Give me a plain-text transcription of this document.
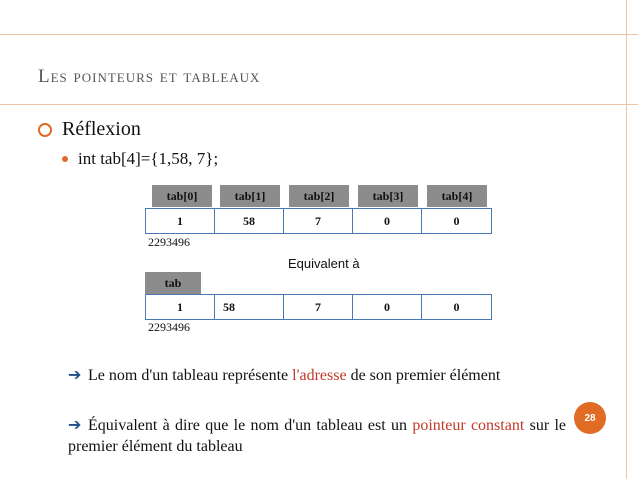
Les pointeurs et tableaux
Réflexion
int tab[4]={1,58, 7};
tab[0]	tab[1]	tab[2]	tab[3]	tab[4]
1	58	7	0	0
2293496
Equivalent à
tab
1	58	7	0	0
2293496
➔ Le nom d'un tableau représente l'adresse de son premier élément
➔ Équivalent à dire que le nom d'un tableau est un pointeur constant sur le premier élément du tableau
28
